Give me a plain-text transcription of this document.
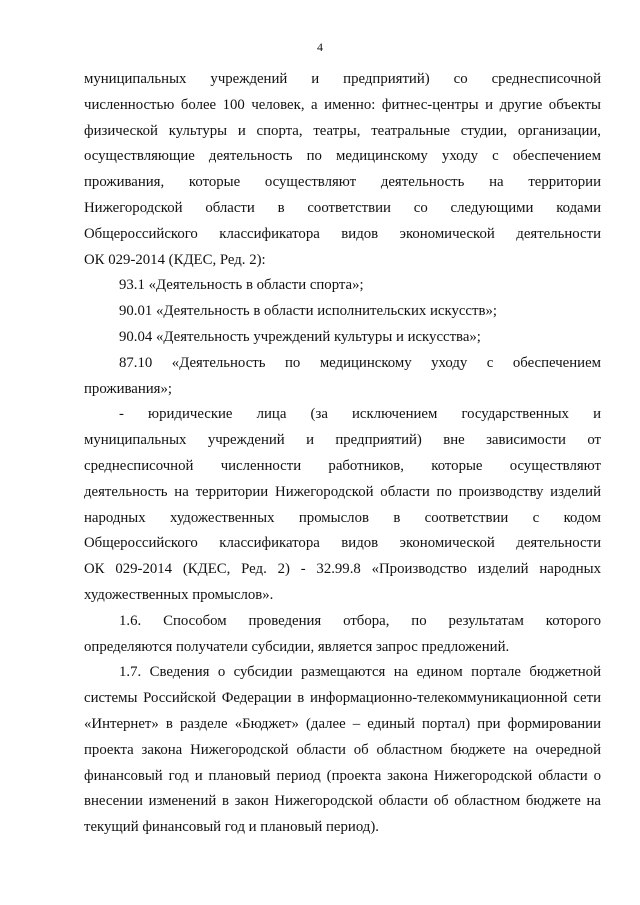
4
муниципальных учреждений и предприятий) со среднесписочной
численностью более 100 человек, а именно: фитнес-центры и другие объекты
физической культуры и спорта, театры, театральные студии, организации,
осуществляющие деятельность по медицинскому уходу с обеспечением
проживания, которые осуществляют деятельность на территории
Нижегородской области в соответствии со следующими кодами
Общероссийского классификатора видов экономической деятельности
ОК 029-2014 (КДЕС, Ред. 2):
93.1 «Деятельность в области спорта»;
90.01 «Деятельность в области исполнительских искусств»;
90.04 «Деятельность учреждений культуры и искусства»;
87.10 «Деятельность по медицинскому уходу с обеспечением
проживания»;
- юридические лица (за исключением государственных и
муниципальных учреждений и предприятий) вне зависимости от
среднесписочной численности работников, которые осуществляют
деятельность на территории Нижегородской области по производству изделий
народных художественных промыслов в соответствии с кодом
Общероссийского классификатора видов экономической деятельности
ОК 029-2014 (КДЕС, Ред. 2) - 32.99.8 «Производство изделий народных
художественных промыслов».
1.6. Способом проведения отбора, по результатам которого
определяются получатели субсидии, является запрос предложений.
1.7. Сведения о субсидии размещаются на едином портале бюджетной
системы Российской Федерации в информационно-телекоммуникационной сети
«Интернет» в разделе «Бюджет» (далее – единый портал) при формировании
проекта закона Нижегородской области об областном бюджете на очередной
финансовый год и плановый период (проекта закона Нижегородской области о
внесении изменений в закон Нижегородской области об областном бюджете на
текущий финансовый год и плановый период).
